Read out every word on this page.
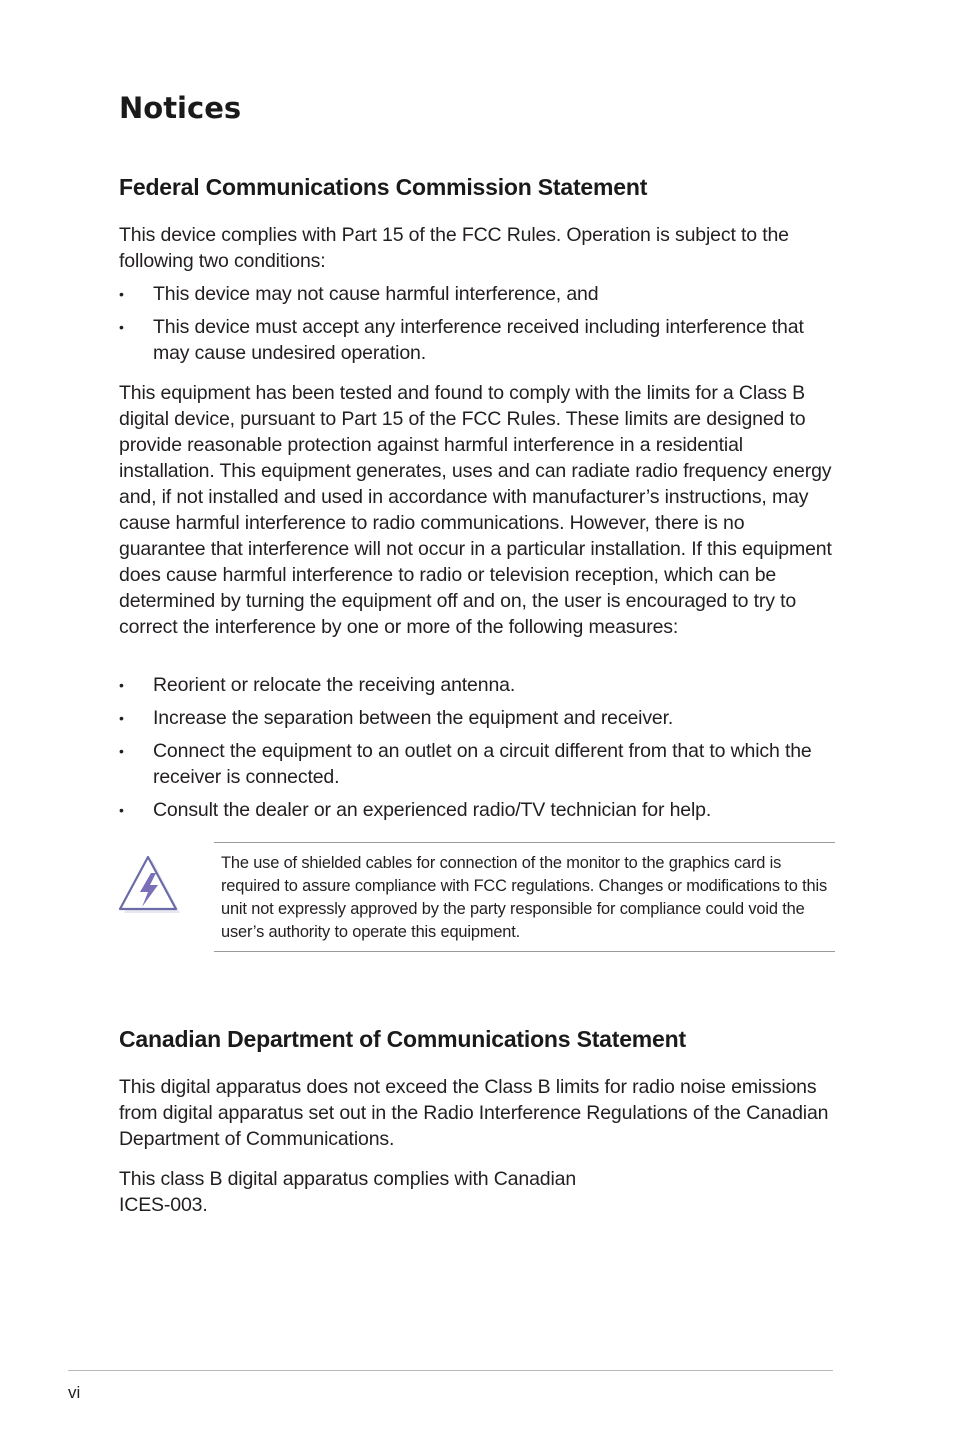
Notices
Federal Communications Commission Statement

This device complies with Part 15 of the FCC Rules. Operation is subject to the following two conditions:

• This device may not cause harmful interference, and
• This device must accept any interference received including interference that may cause undesired operation.

This equipment has been tested and found to comply with the limits for a Class B digital device, pursuant to Part 15 of the FCC Rules. These limits are designed to provide reasonable protection against harmful interference in a residential installation. This equipment generates, uses and can radiate radio frequency energy and, if not installed and used in accordance with manufacturer’s instructions, may cause harmful interference to radio communications. However, there is no guarantee that interference will not occur in a particular installation. If this equipment does cause harmful interference to radio or television reception, which can be determined by turning the equipment off and on, the user is encouraged to try to correct the interference by one or more of the following measures:

• Reorient or relocate the receiving antenna.
• Increase the separation between the equipment and receiver.
• Connect the equipment to an outlet on a circuit different from that to which the receiver is connected.
• Consult the dealer or an experienced radio/TV technician for help.

The use of shielded cables for connection of the monitor to the graphics card is required to assure compliance with FCC regulations. Changes or modifications to this unit not expressly approved by the party responsible for compliance could void the user’s authority to operate this equipment.

Canadian Department of Communications Statement

This digital apparatus does not exceed the Class B limits for radio noise emissions from digital apparatus set out in the Radio Interference Regulations of the Canadian Department of Communications.

This class B digital apparatus complies with Canadian
ICES-003.

vi
